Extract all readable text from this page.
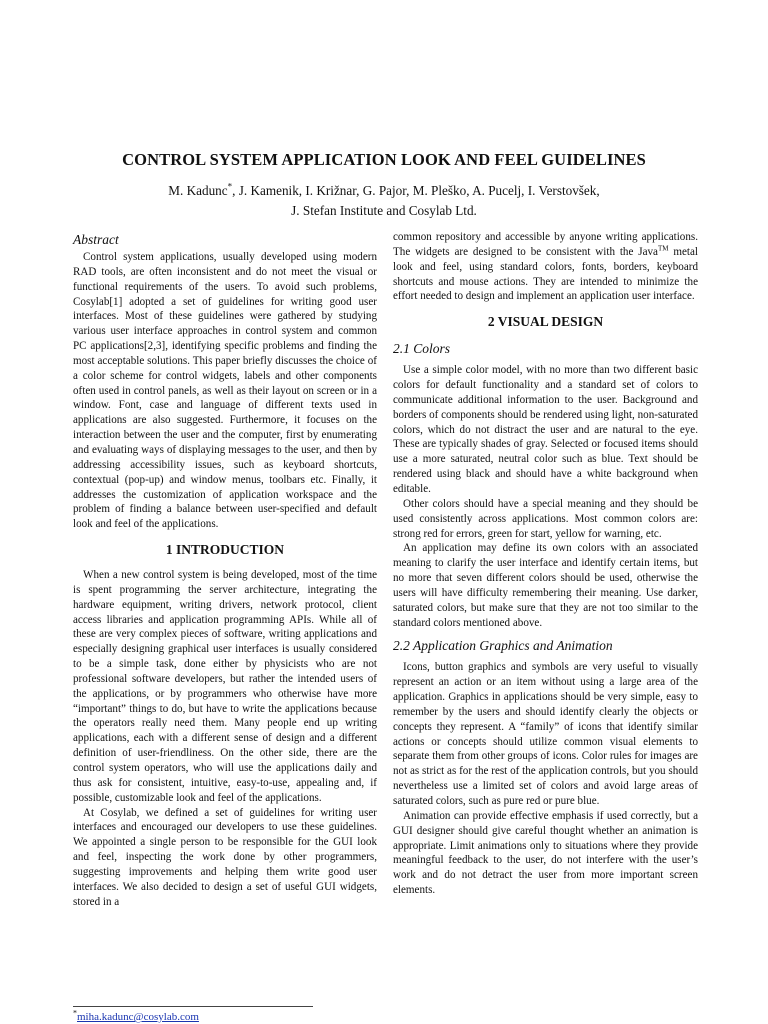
CONTROL SYSTEM APPLICATION LOOK AND FEEL GUIDELINES
M. Kadunc*, J. Kamenik, I. Križnar, G. Pajor, M. Pleško, A. Pucelj, I. Verstovšek,
J. Stefan Institute and Cosylab Ltd.
Abstract

Control system applications, usually developed using modern RAD tools, are often inconsistent and do not meet the visual or functional requirements of the users. To avoid such problems, Cosylab[1] adopted a set of guidelines for writing good user interfaces. Most of these guidelines were gathered by studying various user interface approaches in control system and common PC applications[2,3], identifying specific problems and finding the most acceptable solutions. This paper briefly discusses the choice of a color scheme for control widgets, labels and other components often used in control panels, as well as their layout on screen or in a window. Font, case and language of different texts used in applications are also suggested. Furthermore, it focuses on the interaction between the user and the computer, first by enumerating and evaluating ways of displaying messages to the user, and then by addressing accessibility issues, such as keyboard shortcuts, contextual (pop-up) and window menus, toolbars etc. Finally, it addresses the customization of application workspace and the problem of finding a balance between user-specified and default look and feel of the applications.

1 INTRODUCTION

When a new control system is being developed, most of the time is spent programming the server architecture, integrating the hardware equipment, writing drivers, network protocol, client access libraries and application programming APIs. While all of these are very complex pieces of software, writing applications and especially designing graphical user interfaces is usually considered to be a simple task, done either by physicists who are not professional software developers, but rather the intended users of the applications, or by programmers who otherwise have more “important” things to do, but have to write the applications because the operators really need them. Many people end up writing applications, each with a different sense of design and a different definition of user-friendliness. On the other side, there are the control system operators, who will use the applications daily and thus ask for consistent, intuitive, easy-to-use, appealing and, if possible, customizable look and feel of the applications.

At Cosylab, we defined a set of guidelines for writing user interfaces and encouraged our developers to use these guidelines. We appointed a single person to be responsible for the GUI look and feel, inspecting the work done by other programmers, suggesting improvements and helping them write good user interfaces. We also decided to design a set of useful GUI widgets, stored in a

common repository and accessible by anyone writing applications. The widgets are designed to be consistent with the Java™ metal look and feel, using standard colors, fonts, borders, keyboard shortcuts and mouse actions. They are intended to minimize the effort needed to design and implement an application user interface.

2 VISUAL DESIGN
2.1 Colors

Use a simple color model, with no more than two different basic colors for default functionality and a standard set of colors to communicate additional information to the user. Background and borders of components should be rendered using light, non-saturated colors, which do not distract the user and are natural to the eye. These are typically shades of gray. Selected or focused items should use a more saturated, neutral color such as blue. Text should be rendered using black and should have a white background when editable.

Other colors should have a special meaning and they should be used consistently across applications. Most common colors are: strong red for errors, green for start, yellow for warning, etc.

An application may define its own colors with an associated meaning to clarify the user interface and identify certain items, but no more that seven different colors should be used, otherwise the users will have difficulty remembering their meaning. Use darker, saturated colors, but make sure that they are not too similar to the standard colors mentioned above.

2.2 Application Graphics and Animation

Icons, button graphics and symbols are very useful to visually represent an action or an item without using a large area of the application. Graphics in applications should be very simple, easy to remember by the users and should identify clearly the objects or concepts they represent. A “family” of icons that identify similar actions or concepts should utilize common visual elements to separate them from other groups of icons. Color rules for images are not as strict as for the rest of the application controls, but you should nevertheless use a limited set of colors and avoid large areas of saturated colors, such as pure red or pure blue.

Animation can provide effective emphasis if used correctly, but a GUI designer should give careful thought whether an animation is appropriate. Limit animations only to situations where they provide meaningful feedback to the user, do not interfere with the user’s work and do not detract the user from more important screen elements.

*miha.kadunc@cosylab.com
